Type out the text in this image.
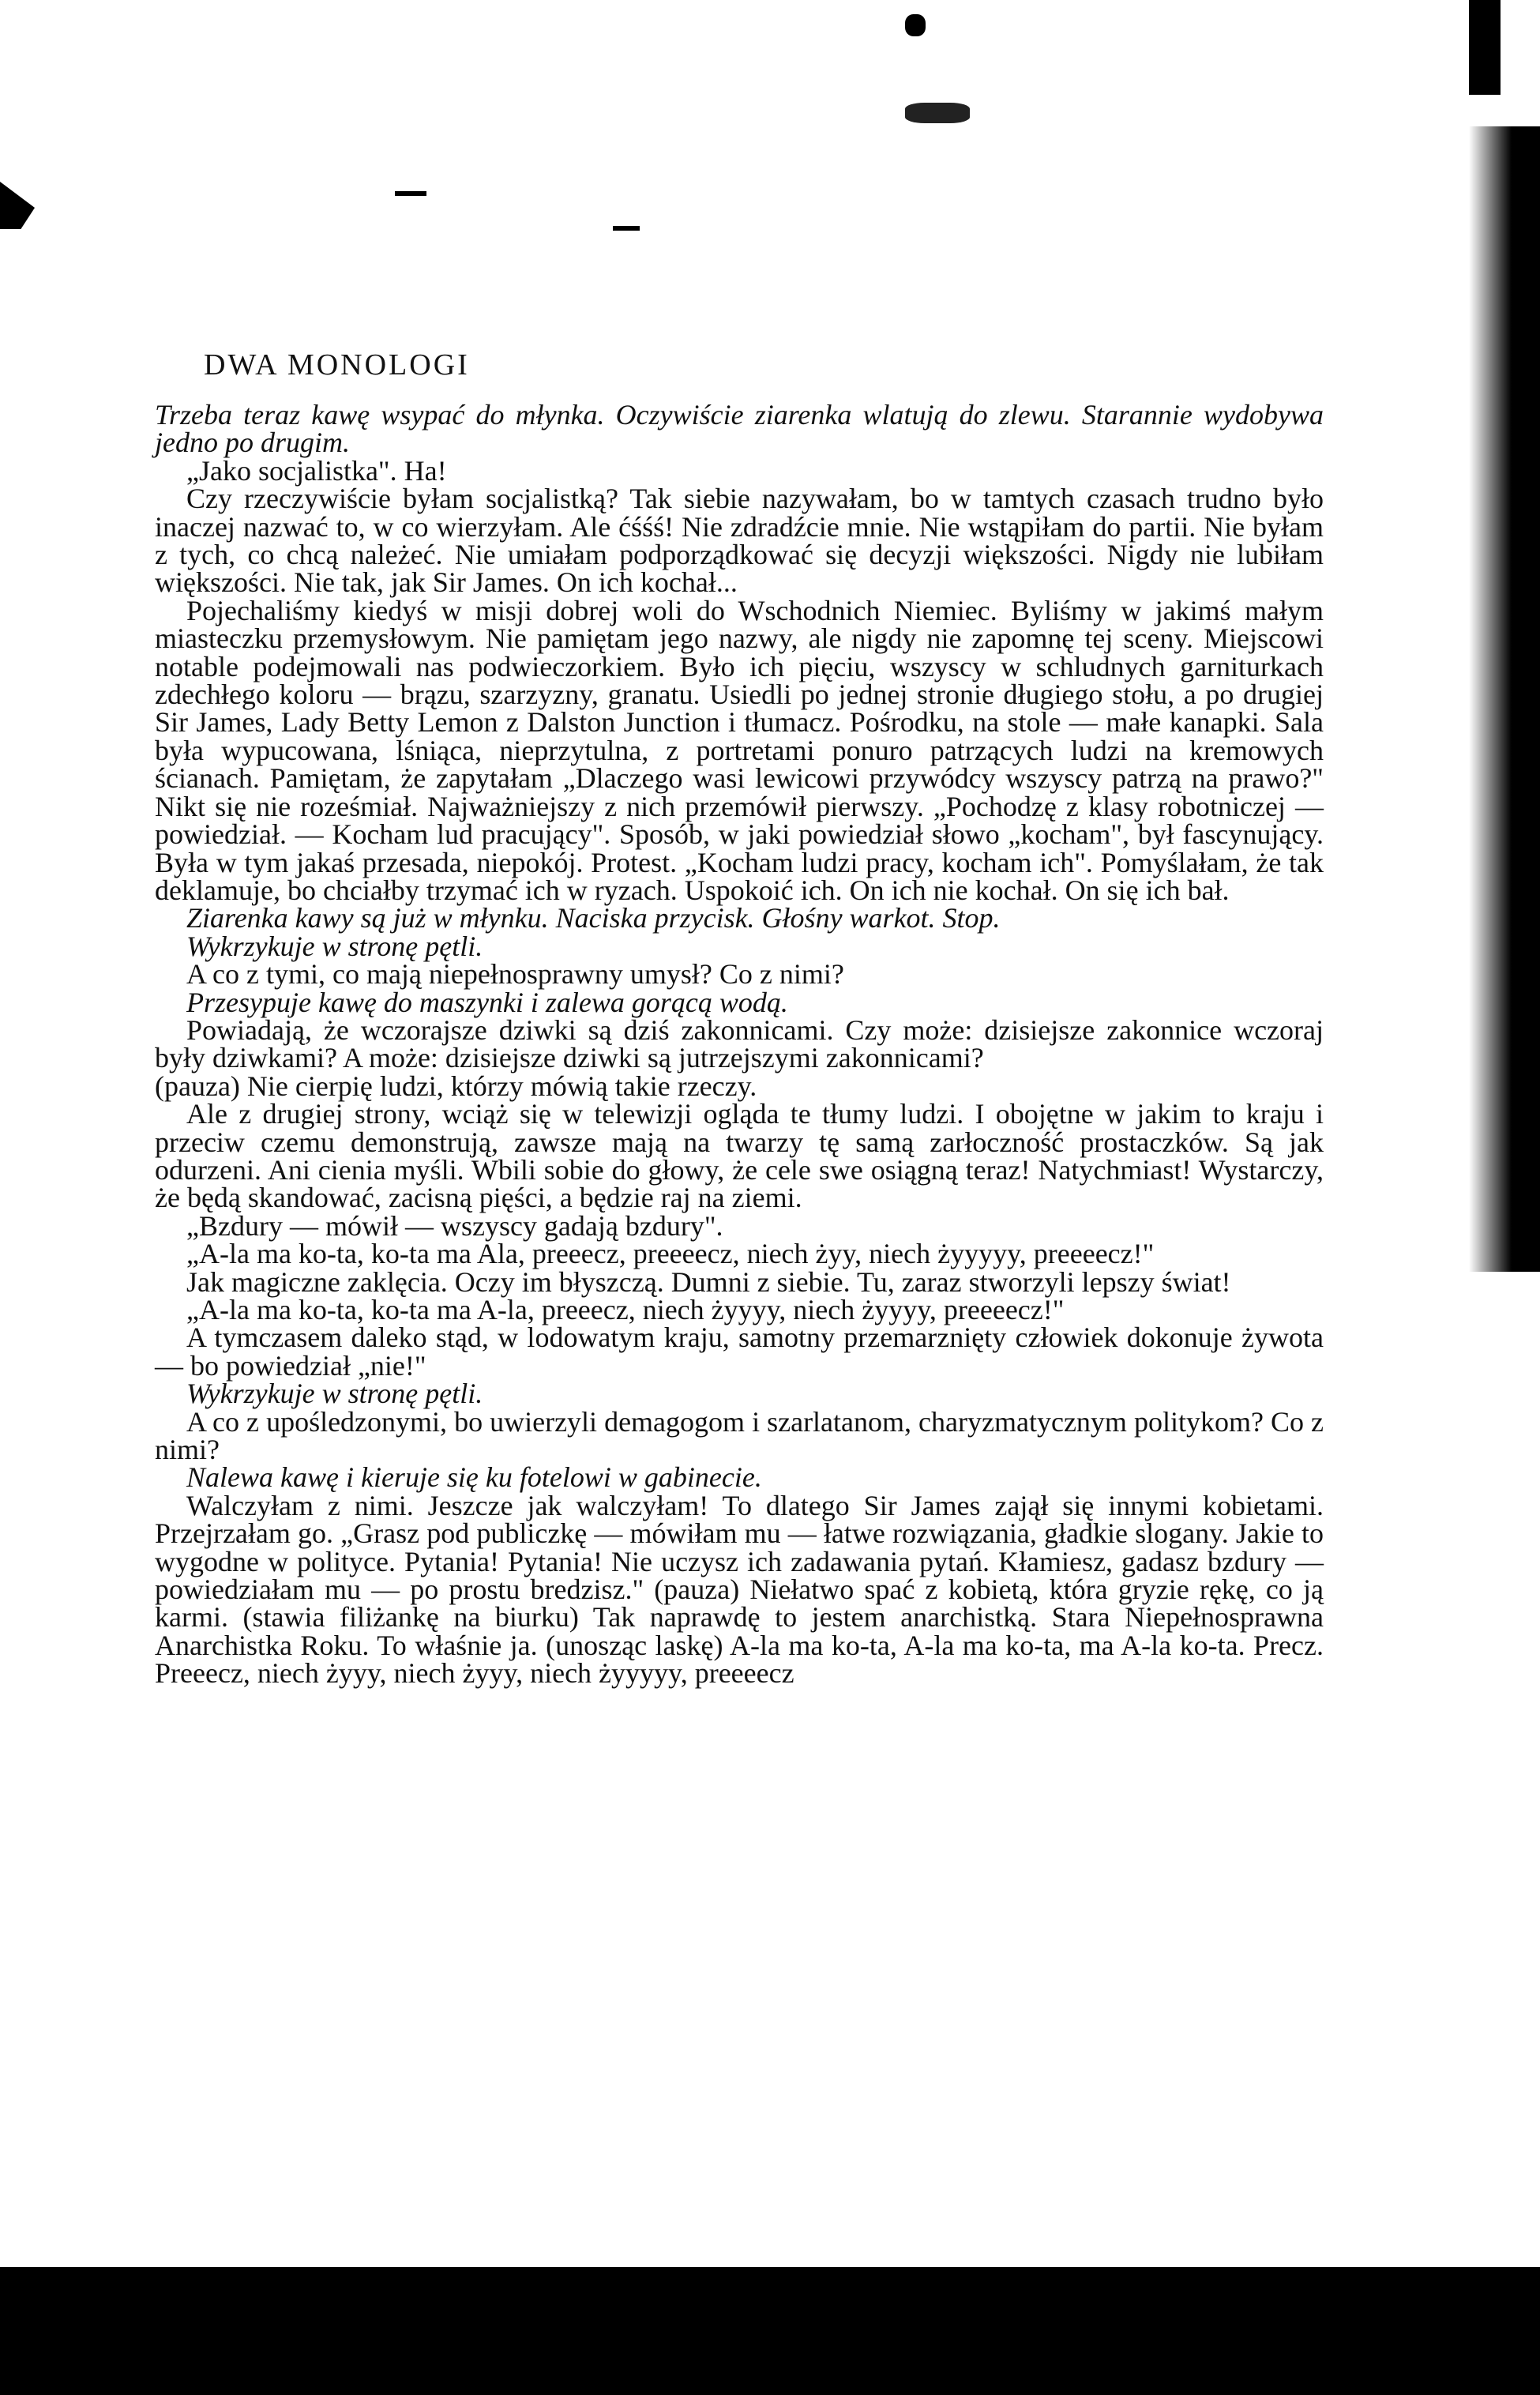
DWA MONOLOGI

Trzeba teraz kawę wsypać do młynka. Oczywiście ziarenka wlatują do zlewu. Starannie wydobywa jedno po drugim.

„Jako socjalistka". Ha!

Czy rzeczywiście byłam socjalistką? Tak siebie nazywałam, bo w tamtych czasach trudno było inaczej nazwać to, w co wierzyłam. Ale ćśśś! Nie zdradźcie mnie. Nie wstąpiłam do partii. Nie byłam z tych, co chcą należeć. Nie umiałam podporządkować się decyzji większości. Nigdy nie lubiłam większości. Nie tak, jak Sir James. On ich kochał...

Pojechaliśmy kiedyś w misji dobrej woli do Wschodnich Niemiec. Byliśmy w jakimś małym miasteczku przemysłowym. Nie pamiętam jego nazwy, ale nigdy nie zapomnę tej sceny. Miejscowi notable podejmowali nas podwieczorkiem. Było ich pięciu, wszyscy w schludnych garniturkach zdechłego koloru — brązu, szarzyzny, granatu. Usiedli po jednej stronie długiego stołu, a po drugiej Sir James, Lady Betty Lemon z Dalston Junction i tłumacz. Pośrodku, na stole — małe kanapki. Sala była wypucowana, lśniąca, nieprzytulna, z portretami ponuro patrzących ludzi na kremowych ścianach. Pamiętam, że zapytałam „Dlaczego wasi lewicowi przywódcy wszyscy patrzą na prawo?" Nikt się nie roześmiał. Najważniejszy z nich przemówił pierwszy. „Pochodzę z klasy robotniczej — powiedział. — Kocham lud pracujący". Sposób, w jaki powiedział słowo „kocham", był fascynujący. Była w tym jakaś przesada, niepokój. Protest. „Kocham ludzi pracy, kocham ich". Pomyślałam, że tak deklamuje, bo chciałby trzymać ich w ryzach. Uspokoić ich. On ich nie kochał. On się ich bał.

Ziarenka kawy są już w młynku. Naciska przycisk. Głośny warkot. Stop.

Wykrzykuje w stronę pętli.

A co z tymi, co mają niepełnosprawny umysł? Co z nimi?

Przesypuje kawę do maszynki i zalewa gorącą wodą.

Powiadają, że wczorajsze dziwki są dziś zakonnicami. Czy może: dzisiejsze zakonnice wczoraj były dziwkami? A może: dzisiejsze dziwki są jutrzejszymi zakonnicami?

(pauza) Nie cierpię ludzi, którzy mówią takie rzeczy.

Ale z drugiej strony, wciąż się w telewizji ogląda te tłumy ludzi. I obojętne w jakim to kraju i przeciw czemu demonstrują, zawsze mają na twarzy tę samą zarłoczność prostaczków. Są jak odurzeni. Ani cienia myśli. Wbili sobie do głowy, że cele swe osiągną teraz! Natychmiast! Wystarczy, że będą skandować, zacisną pięści, a będzie raj na ziemi.

„Bzdury — mówił — wszyscy gadają bzdury".

„A-la ma ko-ta, ko-ta ma Ala, preeecz, preeeecz, niech żyy, niech żyyyyy, preeeecz!"

Jak magiczne zaklęcia. Oczy im błyszczą. Dumni z siebie. Tu, zaraz stworzyli lepszy świat!

„A-la ma ko-ta, ko-ta ma A-la, preeecz, niech żyyyy, niech żyyyy, preeeecz!"

A tymczasem daleko stąd, w lodowatym kraju, samotny przemarznięty człowiek dokonuje żywota — bo powiedział „nie!"

Wykrzykuje w stronę pętli.

A co z upośledzonymi, bo uwierzyli demagogom i szarlatanom, charyzmatycznym politykom? Co z nimi?

Nalewa kawę i kieruje się ku fotelowi w gabinecie.

Walczyłam z nimi. Jeszcze jak walczyłam! To dlatego Sir James zajął się innymi kobietami. Przejrzałam go. „Grasz pod publiczkę — mówiłam mu — łatwe rozwiązania, gładkie slogany. Jakie to wygodne w polityce. Pytania! Pytania! Nie uczysz ich zadawania pytań. Kłamiesz, gadasz bzdury — powiedziałam mu — po prostu bredzisz." (pauza) Niełatwo spać z kobietą, która gryzie rękę, co ją karmi. (stawia filiżankę na biurku) Tak naprawdę to jestem anarchistką. Stara Niepełnosprawna Anarchistka Roku. To właśnie ja. (unosząc laskę) A-la ma ko-ta, A-la ma ko-ta, ma A-la ko-ta. Precz. Preeecz, niech żyyy, niech żyyy, niech żyyyyy, preeeecz
